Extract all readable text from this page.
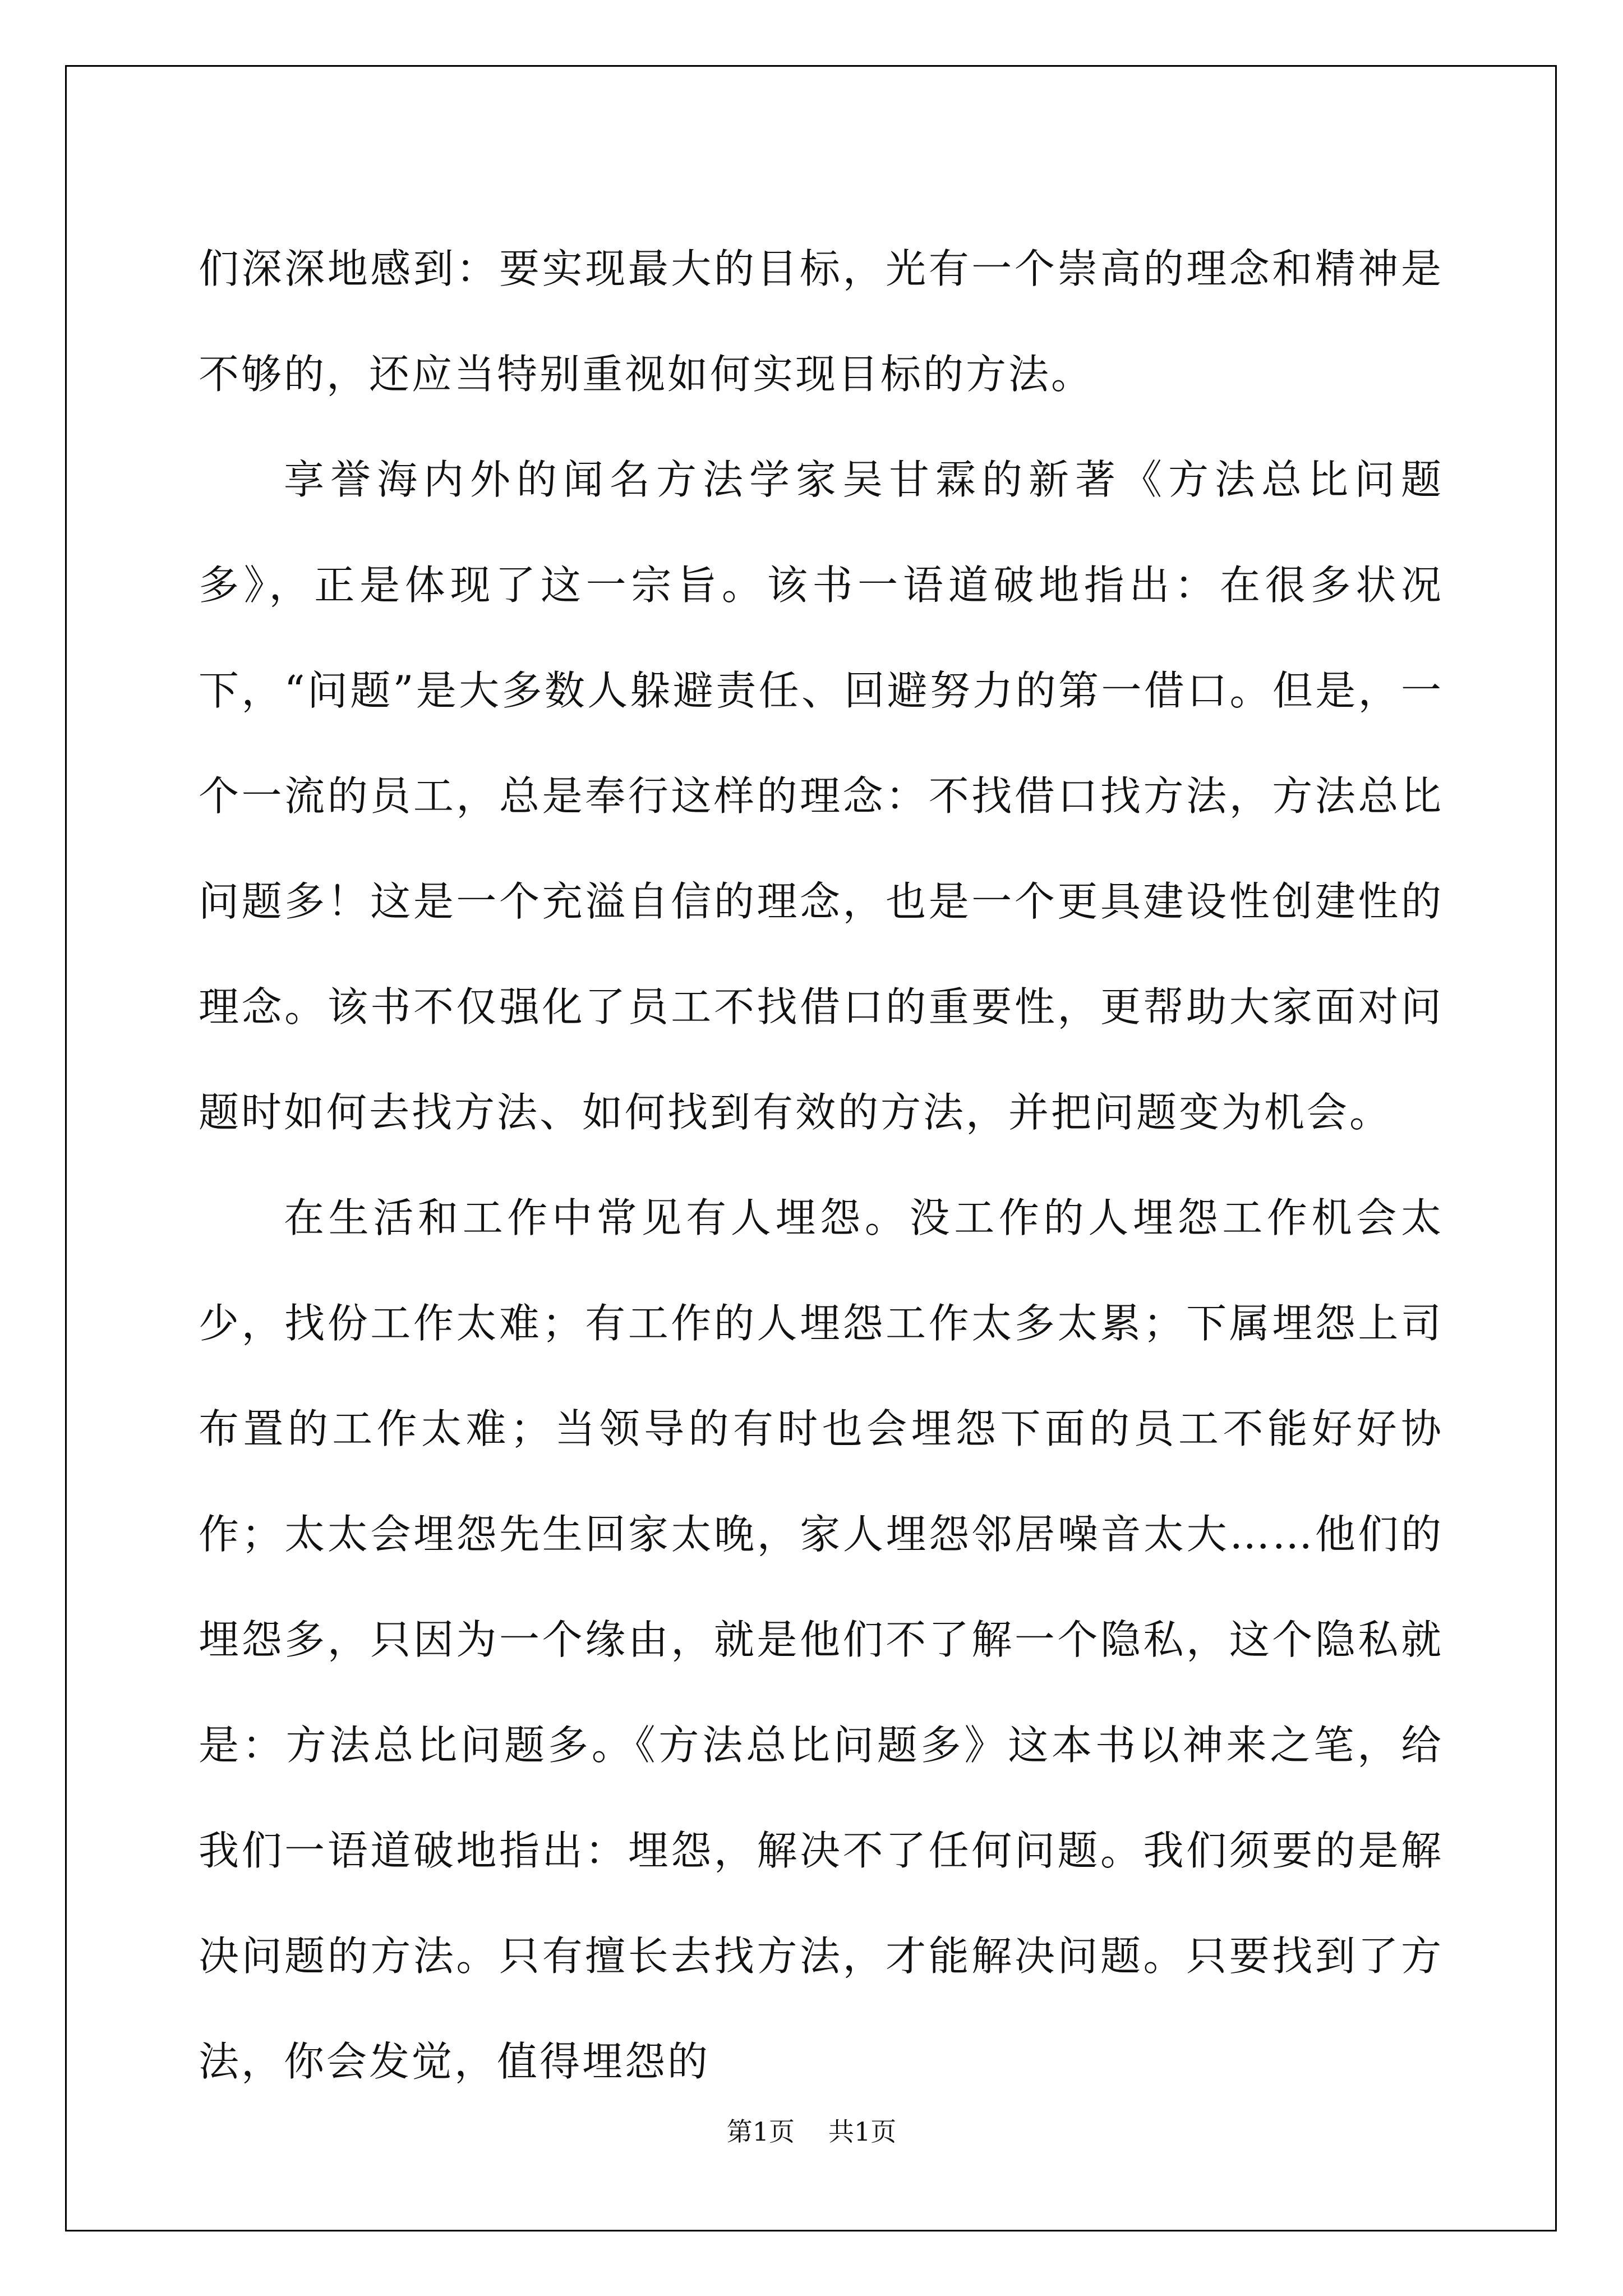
们深深地感到：要实现最大的目标，光有一个崇高的理念和精神是不够的，还应当特别重视如何实现目标的方法。

享誉海内外的闻名方法学家吴甘霖的新著《方法总比问题多》，正是体现了这一宗旨。该书一语道破地指出：在很多状况下，“问题”是大多数人躲避责任、回避努力的第一借口。但是，一个一流的员工，总是奉行这样的理念：不找借口找方法，方法总比问题多！这是一个充溢自信的理念，也是一个更具建设性创建性的理念。该书不仅强化了员工不找借口的重要性，更帮助大家面对问题时如何去找方法、如何找到有效的方法，并把问题变为机会。

在生活和工作中常见有人埋怨。没工作的人埋怨工作机会太少，找份工作太难；有工作的人埋怨工作太多太累；下属埋怨上司布置的工作太难；当领导的有时也会埋怨下面的员工不能好好协作；太太会埋怨先生回家太晚，家人埋怨邻居噪音太大……他们的埋怨多，只因为一个缘由，就是他们不了解一个隐私，这个隐私就是：方法总比问题多。《方法总比问题多》这本书以神来之笔，给我们一语道破地指出：埋怨，解决不了任何问题。我们须要的是解决问题的方法。只有擅长去找方法，才能解决问题。只要找到了方法，你会发觉，值得埋怨的

第1页 共1页
